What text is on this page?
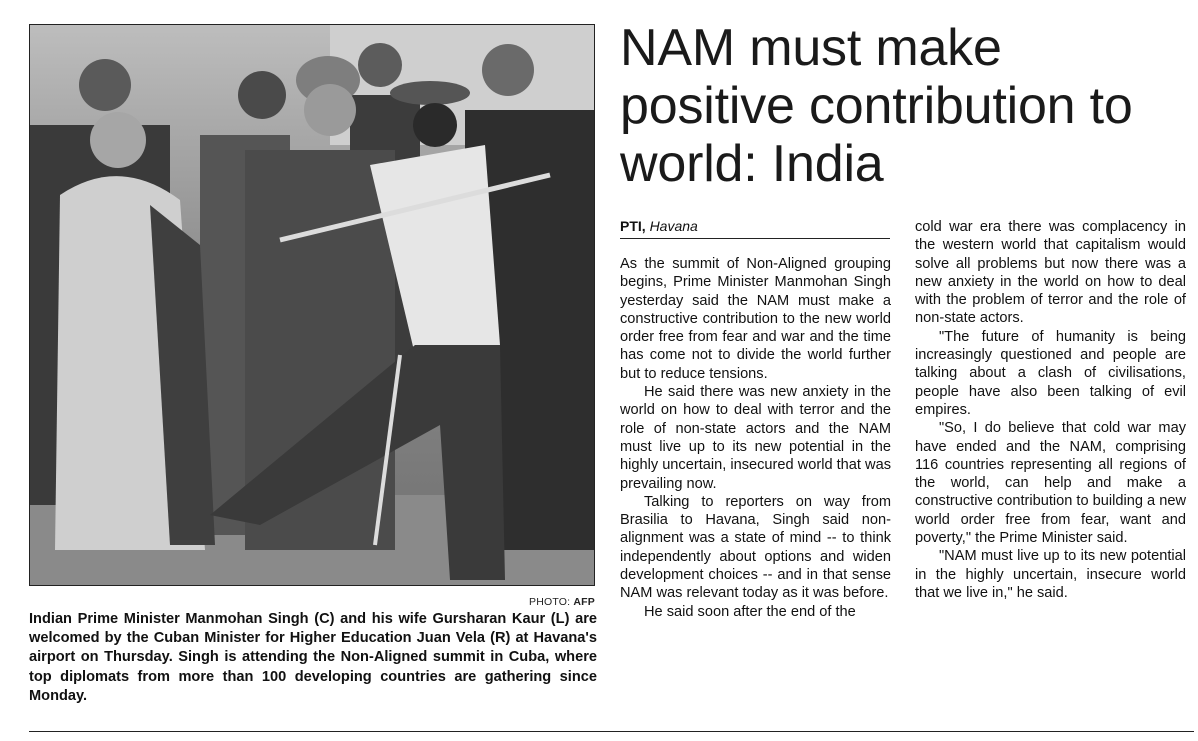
PHOTO: AFP
Indian Prime Minister Manmohan Singh (C) and his wife Gursharan Kaur (L) are welcomed by the Cuban Minister for Higher Education Juan Vela (R) at Havana's airport on Thursday. Singh is attending the Non-Aligned summit in Cuba, where top diplomats from more than 100 developing countries are gathering since Monday.
NAM must make positive contribution to world: India
PTI, Havana

As the summit of Non-Aligned grouping begins, Prime Minister Manmohan Singh yesterday said the NAM must make a constructive contribution to the new world order free from fear and war and the time has come not to divide the world further but to reduce tensions.

He said there was new anxiety in the world on how to deal with terror and the role of non-state actors and the NAM must live up to its new potential in the highly uncertain, insecured world that was prevailing now.

Talking to reporters on way from Brasilia to Havana, Singh said non-alignment was a state of mind -- to think independently about options and widen development choices -- and in that sense NAM was relevant today as it was before.

He said soon after the end of the

cold war era there was complacency in the western world that capitalism would solve all problems but now there was a new anxiety in the world on how to deal with the problem of terror and the role of non-state actors.

"The future of humanity is being increasingly questioned and people are talking about a clash of civilisations, people have also been talking of evil empires.

"So, I do believe that cold war may have ended and the NAM, comprising 116 countries representing all regions of the world, can help and make a constructive contribution to building a new world order free from fear, want and poverty," the Prime Minister said.

"NAM must live up to its new potential in the highly uncertain, insecure world that we live in," he said.
